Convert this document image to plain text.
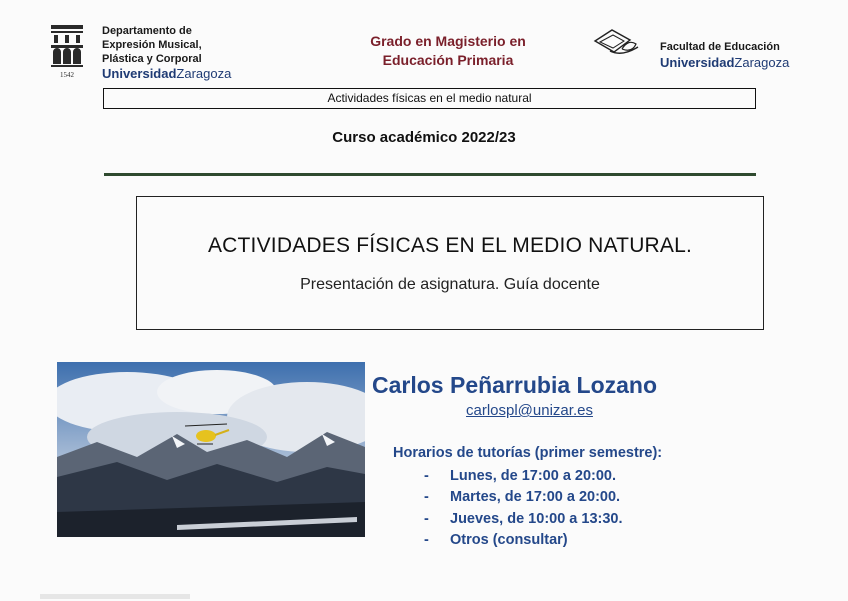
1542
Departamento de
Expresión Musical,
Plástica y Corporal
UniversidadZaragoza
Grado en Magisterio en
Educación Primaria
Facultad de Educación
UniversidadZaragoza
Actividades físicas en el medio natural
Curso académico 2022/23
ACTIVIDADES FÍSICAS EN EL MEDIO NATURAL.
Presentación de asignatura. Guía docente
Carlos Peñarrubia Lozano
carlospl@unizar.es
Horarios de tutorías (primer semestre):
- Lunes, de 17:00 a 20:00.
- Martes, de 17:00 a 20:00.
- Jueves, de 10:00 a 13:30.
- Otros (consultar)
